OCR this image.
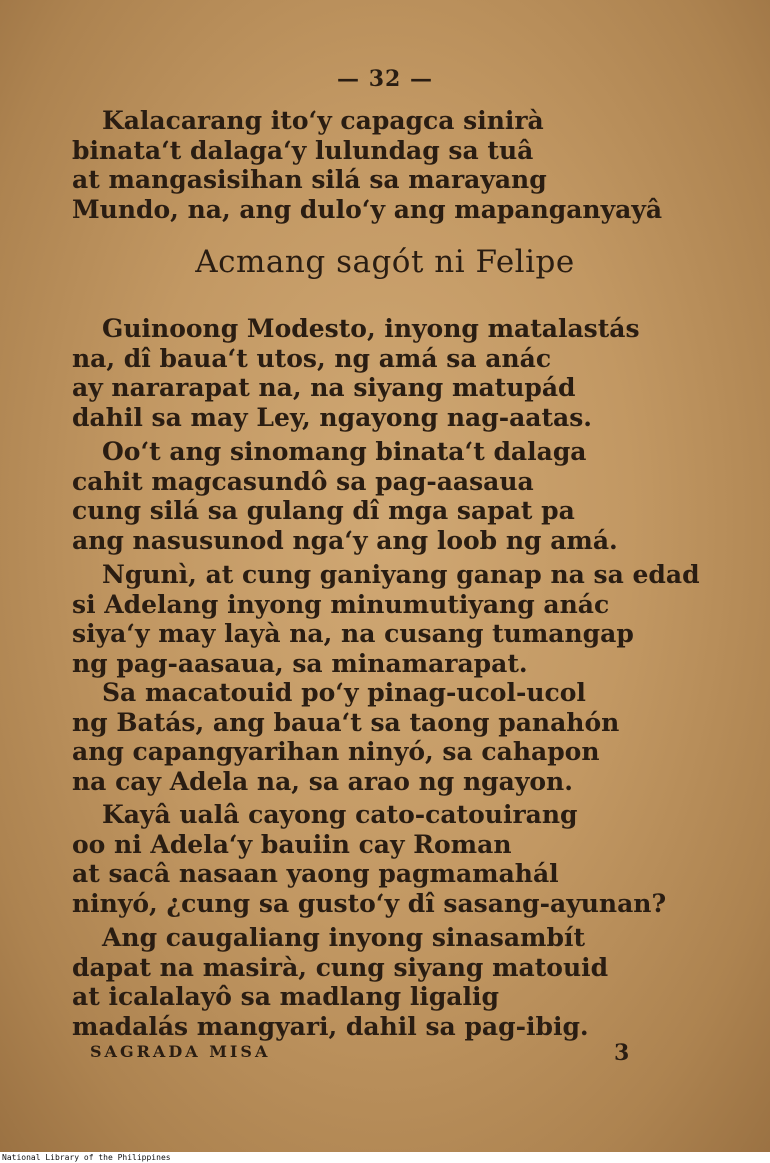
— 32 —
Kalacarang ito‘y capagca sinirà
binata‘t dalaga‘y lulundag sa tuâ
at mangasisihan silá sa marayang
Mundo, na, ang dulo‘y ang mapanganyayâ
Acmang sagót ni Felipe
Guinoong Modesto, inyong matalastás
na, dî baua‘t utos, ng amá sa anác
ay nararapat na, na siyang matupád
dahil sa may Ley, ngayong nag-aatas.
Oo‘t ang sinomang binata‘t dalaga
cahit magcasundô sa pag-aasaua
cung silá sa gulang dî mga sapat pa
ang nasusunod nga‘y ang loob ng amá.
Ngunì, at cung ganiyang ganap na sa edad
si Adelang inyong minumutiyang anác
siya‘y may layà na, na cusang tumangap
ng pag-aasaua, sa minamarapat.
Sa macatouid po‘y pinag-ucol-ucol
ng Batás, ang baua‘t sa taong panahón
ang capangyarihan ninyó, sa cahapon
na cay Adela na, sa arao ng ngayon.
Kayâ ualâ cayong cato-catouirang
oo ni Adela‘y bauiin cay Roman
at sacâ nasaan yaong pagmamahál
ninyó, ¿cung sa gusto‘y dî sasang-ayunan?
Ang caugaliang inyong sinasambít
dapat na masirà, cung siyang matouid
at icalalayô sa madlang ligalig
madalás mangyari, dahil sa pag-ibig.
SAGRADA MISA	3
National Library of the Philippines
